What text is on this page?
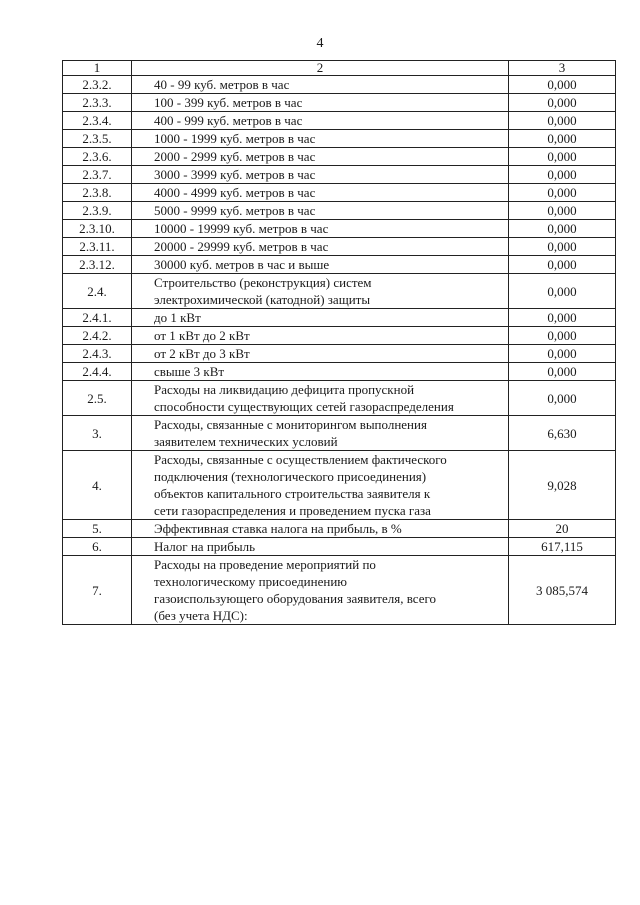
4
1	2	3
2.3.2.	40 - 99 куб. метров в час	0,000
2.3.3.	100 - 399 куб. метров в час	0,000
2.3.4.	400 - 999 куб. метров в час	0,000
2.3.5.	1000 - 1999 куб. метров в час	0,000
2.3.6.	2000 - 2999 куб. метров в час	0,000
2.3.7.	3000 - 3999 куб. метров в час	0,000
2.3.8.	4000 - 4999 куб. метров в час	0,000
2.3.9.	5000 - 9999 куб. метров в час	0,000
2.3.10.	10000 - 19999 куб. метров в час	0,000
2.3.11.	20000 - 29999 куб. метров в час	0,000
2.3.12.	30000 куб. метров в час и выше	0,000
2.4.	Строительство (реконструкция) систем
электрохимической (катодной) защиты	0,000
2.4.1.	до 1 кВт	0,000
2.4.2.	от 1 кВт до 2 кВт	0,000
2.4.3.	от 2 кВт до 3 кВт	0,000
2.4.4.	свыше 3 кВт	0,000
2.5.	Расходы на ликвидацию дефицита пропускной
способности существующих сетей газораспределения	0,000
3.	Расходы, связанные с мониторингом выполнения
заявителем технических условий	6,630
4.	Расходы, связанные с осуществлением фактического
подключения (технологического присоединения)
объектов капитального строительства заявителя к
сети газораспределения и проведением пуска газа	9,028
5.	Эффективная ставка налога на прибыль, в %	20
6.	Налог на прибыль	617,115
7.	Расходы на проведение мероприятий по
технологическому присоединению
газоиспользующего оборудования заявителя, всего
(без учета НДС):	3 085,574
